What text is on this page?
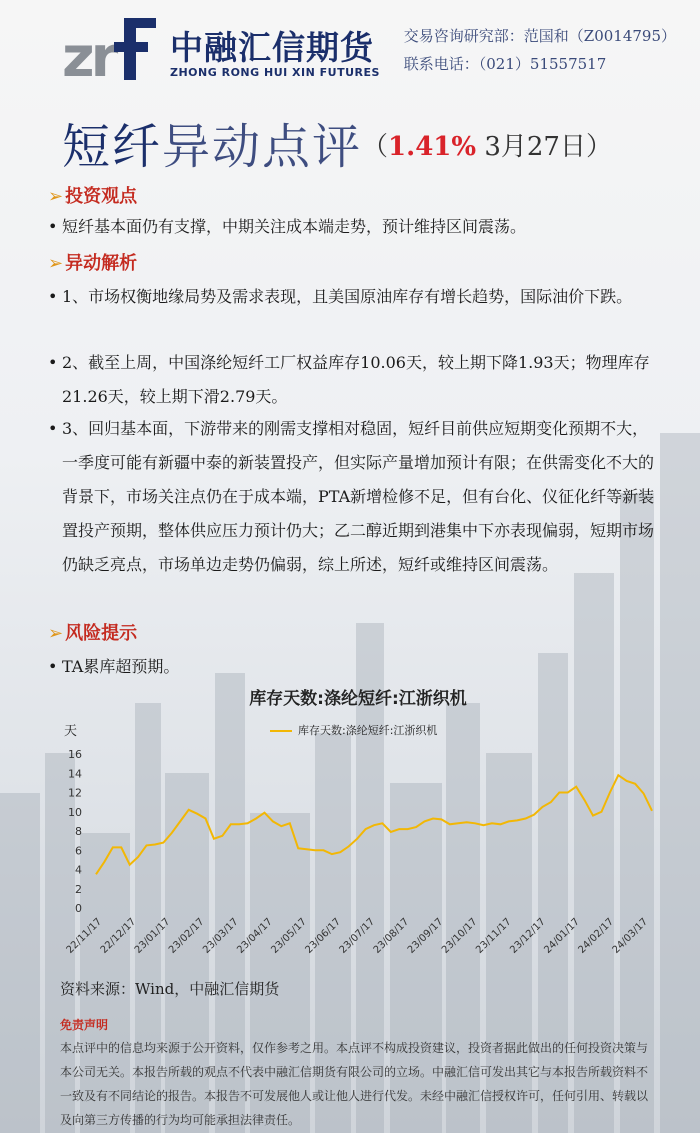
zr 中融汇信期货
ZHONG RONG HUI XIN FUTURES
交易咨询研究部：范国和（Z0014795）
联系电话：（021）51557517
短纤异动点评（1.41% 3月27日）
➢ 投资观点
• 短纤基本面仍有支撑，中期关注成本端走势，预计维持区间震荡。
➢ 异动解析
• 1、市场权衡地缘局势及需求表现，且美国原油库存有增长趋势，国际油价下跌。
• 2、截至上周，中国涤纶短纤工厂权益库存10.06天，较上期下降1.93天；物理库存21.26天，较上期下滑2.79天。
• 3、回归基本面，下游带来的刚需支撑相对稳固，短纤目前供应短期变化预期不大，一季度可能有新疆中泰的新装置投产，但实际产量增加预计有限；在供需变化不大的背景下，市场关注点仍在于成本端，PTA新增检修不足，但有台化、仪征化纤等新装置投产预期，整体供应压力预计仍大；乙二醇近期到港集中下亦表现偏弱，短期市场仍缺乏亮点，市场单边走势仍偏弱，综上所述，短纤或维持区间震荡。
➢ 风险提示
• TA累库超预期。
库存天数:涤纶短纤:江浙织机
天	库存天数:涤纶短纤:江浙织机
0
2
4
6
8
10
12
14
16
22/11/17
22/12/17
23/01/17
23/02/17
23/03/17
23/04/17
23/05/17
23/06/17
23/07/17
23/08/17
23/09/17
23/10/17
23/11/17
23/12/17
24/01/17
24/02/17
24/03/17
资料来源：Wind，中融汇信期货
免责声明
本点评中的信息均来源于公开资料，仅作参考之用。本点评不构成投资建议，投资者据此做出的任何投资决策与本公司无关。本报告所载的观点不代表中融汇信期货有限公司的立场。中融汇信可发出其它与本报告所载资料不一致及有不同结论的报告。本报告不可发展他人或让他人进行代发。未经中融汇信授权许可，任何引用、转载以及向第三方传播的行为均可能承担法律责任。
